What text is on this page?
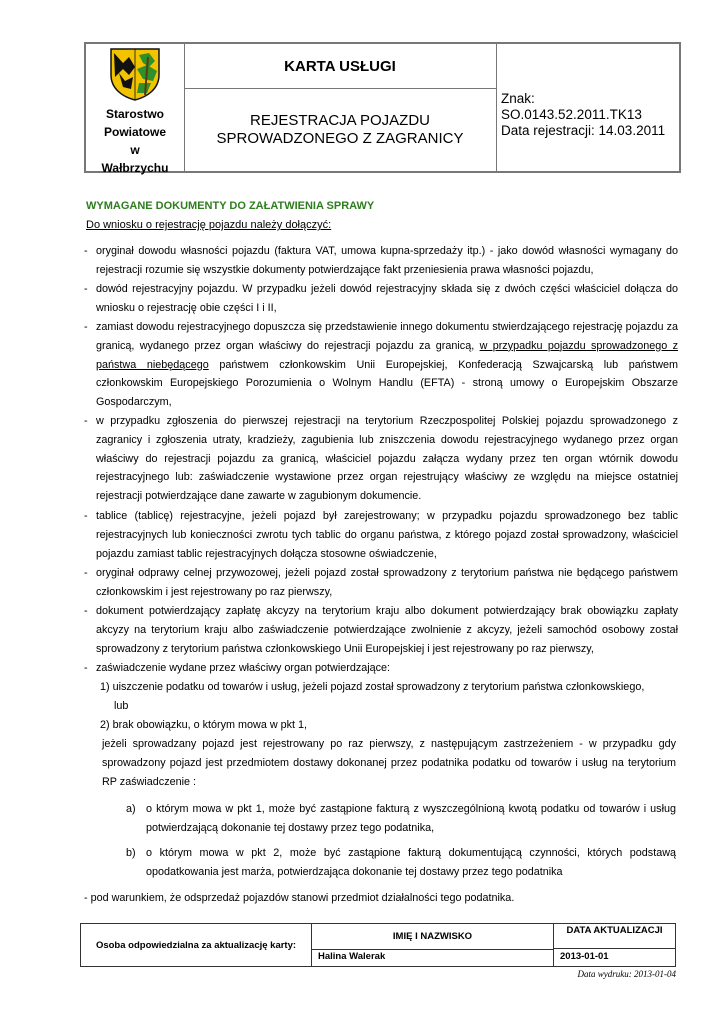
Starostwo
Powiatowe
w
Wałbrzychu
KARTA USŁUGI
REJESTRACJA POJAZDU
SPROWADZONEGO Z ZAGRANICY
Znak: SO.0143.52.2011.TK13
Data rejestracji: 14.03.2011
WYMAGANE DOKUMENTY DO ZAŁATWIENIA SPRAWY
Do wniosku o rejestrację pojazdu należy dołączyć:
- oryginał dowodu własności pojazdu (faktura VAT, umowa kupna-sprzedaży itp.) - jako dowód własności wymagany do rejestracji rozumie się wszystkie dokumenty potwierdzające fakt przeniesienia prawa własności pojazdu,
- dowód rejestracyjny pojazdu. W przypadku jeżeli dowód rejestracyjny składa się z dwóch części właściciel dołącza do wniosku o rejestrację obie części I i II,
- zamiast dowodu rejestracyjnego dopuszcza się przedstawienie innego dokumentu stwierdzającego rejestrację pojazdu za granicą, wydanego przez organ właściwy do rejestracji pojazdu za granicą, w przypadku pojazdu sprowadzonego z państwa niebędącego państwem członkowskim Unii Europejskiej, Konfederacją Szwajcarską lub państwem członkowskim Europejskiego Porozumienia o Wolnym Handlu (EFTA) - stroną umowy o Europejskim Obszarze Gospodarczym,
- w przypadku zgłoszenia do pierwszej rejestracji na terytorium Rzeczpospolitej Polskiej pojazdu sprowadzonego z zagranicy i zgłoszenia utraty, kradzieży, zagubienia lub zniszczenia dowodu rejestracyjnego wydanego przez organ właściwy do rejestracji pojazdu za granicą, właściciel pojazdu załącza wydany przez ten organ wtórnik dowodu rejestracyjnego lub: zaświadczenie wystawione przez organ rejestrujący właściwy ze względu na miejsce ostatniej rejestracji potwierdzające dane zawarte w zagubionym dokumencie.
- tablice (tablicę) rejestracyjne, jeżeli pojazd był zarejestrowany; w przypadku pojazdu sprowadzonego bez tablic rejestracyjnych lub konieczności zwrotu tych tablic do organu państwa, z którego pojazd został sprowadzony, właściciel pojazdu zamiast tablic rejestracyjnych dołącza stosowne oświadczenie,
- oryginał odprawy celnej przywozowej, jeżeli pojazd został sprowadzony z terytorium państwa nie będącego państwem członkowskim i jest rejestrowany po raz pierwszy,
- dokument potwierdzający zapłatę akcyzy na terytorium kraju albo dokument potwierdzający brak obowiązku zapłaty akcyzy na terytorium kraju albo zaświadczenie potwierdzające zwolnienie z akcyzy, jeżeli samochód osobowy został sprowadzony z terytorium państwa członkowskiego Unii Europejskiej i jest rejestrowany po raz pierwszy,
- zaświadczenie wydane przez właściwy organ potwierdzające:
1) uiszczenie podatku od towarów i usług, jeżeli pojazd został sprowadzony z terytorium państwa członkowskiego,
lub
2) brak obowiązku, o którym mowa w pkt 1,
jeżeli sprowadzany pojazd jest rejestrowany po raz pierwszy, z następującym zastrzeżeniem - w przypadku gdy sprowadzony pojazd jest przedmiotem dostawy dokonanej przez podatnika podatku od towarów i usług na terytorium RP zaświadczenie :
a) o którym mowa w pkt 1, może być zastąpione fakturą z wyszczególnioną kwotą podatku od towarów i usług potwierdzającą dokonanie tej dostawy przez tego podatnika,
b) o którym mowa w pkt 2, może być zastąpione fakturą dokumentującą czynności, których podstawą opodatkowania jest marża, potwierdzająca dokonanie tej dostawy przez tego podatnika
- pod warunkiem, że odsprzedaż pojazdów stanowi przedmiot działalności tego podatnika.
Osoba odpowiedzialna za aktualizację karty:
IMIĘ I NAZWISKO
Halina Walerak
DATA AKTUALIZACJI
2013-01-01
Data wydruku: 2013-01-04
